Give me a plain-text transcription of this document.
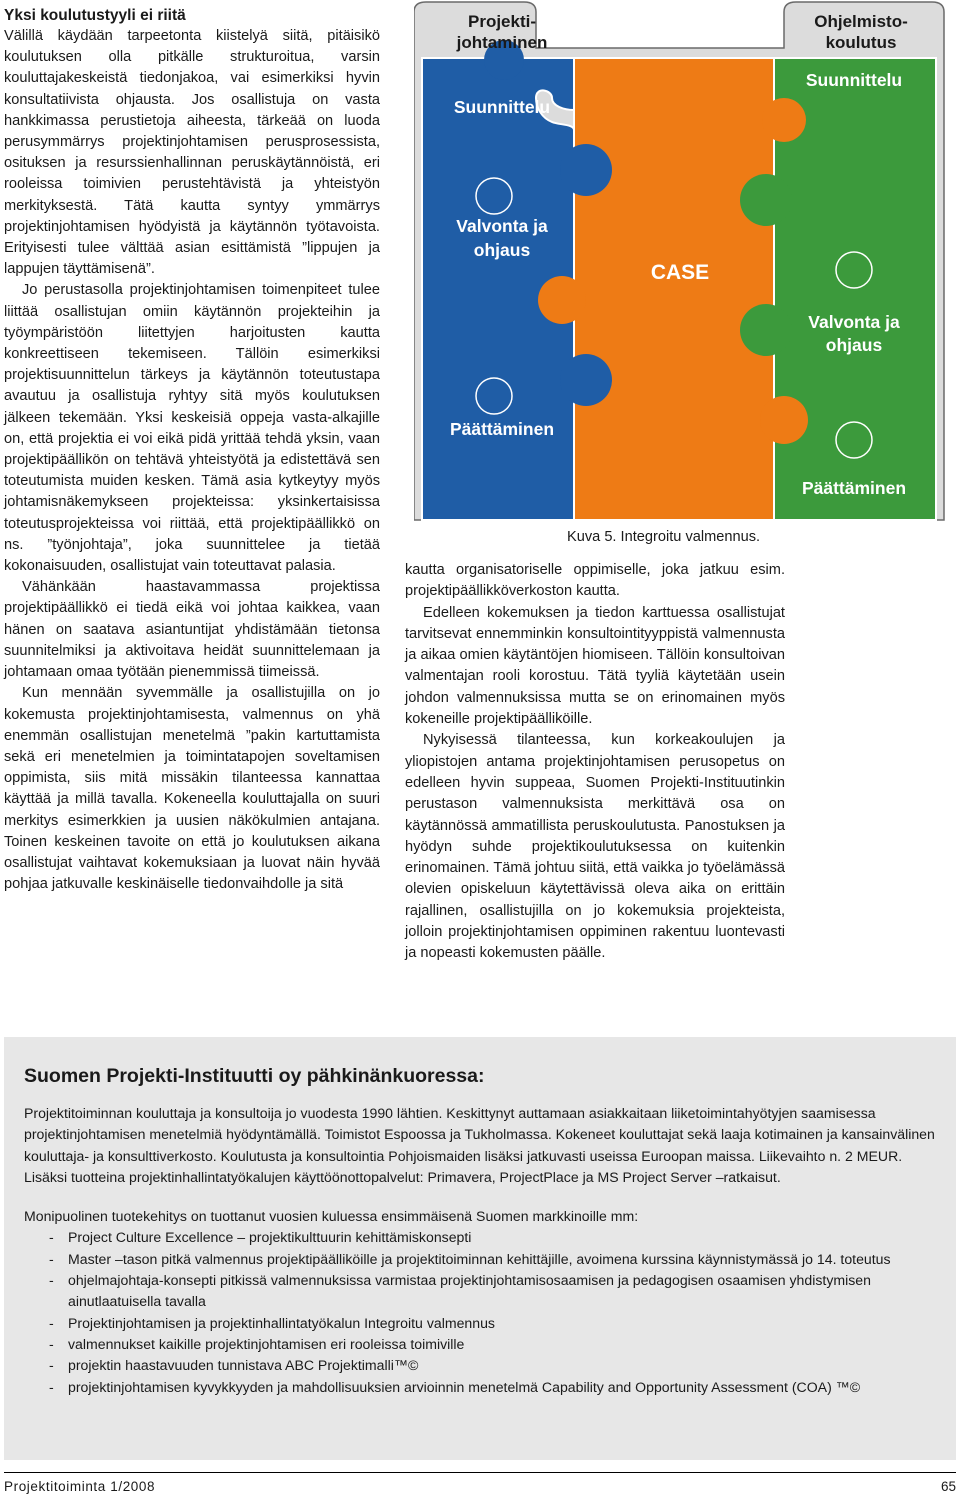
Yksi koulutustyyli ei riitä

Välillä käydään tarpeetonta kiistelyä siitä, pitäisikö koulutuksen olla pitkälle strukturoitua, varsin kouluttajakeskeistä tiedonjakoa, vai esimerkiksi hyvin konsultatiivista ohjausta. Jos osallistuja on vasta hankkimassa perustietoja aiheesta, tärkeää on luoda perusymmärrys projektinjohtamisen perusprosessista, osituksen ja resurssienhallinnan peruskäytännöistä, eri rooleissa toimivien perustehtävistä ja yhteistyön merkityksestä. Tätä kautta syntyy ymmärrys projektinjohtamisen hyödyistä ja käytännön työtavoista. Erityisesti tulee välttää asian esittämistä ”lippujen ja lappujen täyttämisenä”.

Jo perustasolla projektinjohtamisen toimenpiteet tulee liittää osallistujan omiin käytännön projekteihin ja työympäristöön liitettyjen harjoitusten kautta konkreettiseen tekemiseen. Tällöin esimerkiksi projektisuunnittelun tärkeys ja käytännön toteutustapa avautuu ja osallistuja ryhtyy sitä myös koulutuksen jälkeen tekemään. Yksi keskeisiä oppeja vasta-alkajille on, että projektia ei voi eikä pidä yrittää tehdä yksin, vaan projektipäällikön on tehtävä yhteistyötä ja edistettävä sen toteutumista muiden kesken. Tämä asia kytkeytyy myös johtamisnäkemykseen projekteissa: yksinkertaisissa toteutusprojekteissa voi riittää, että projektipäällikkö on ns. ”työnjohtaja”, joka suunnittelee ja tietää kokonaisuuden, osallistujat vain toteuttavat palasia.

Vähänkään haastavammassa projektissa projektipäällikkö ei tiedä eikä voi johtaa kaikkea, vaan hänen on saatava asiantuntijat yhdistämään tietonsa suunnitelmiksi ja aktivoitava heidät suunnittelemaan ja johtamaan omaa työtään pienemmissä tiimeissä.

Kun mennään syvemmälle ja osallistujilla on jo kokemusta projektinjohtamisesta, valmennus on yhä enemmän osallistujan menetelmä ”pakin kartuttamista sekä eri menetelmien ja toimintatapojen soveltamisen oppimista, siis mitä missäkin tilanteessa kannattaa käyttää ja millä tavalla. Kokeneella kouluttajalla on suuri merkitys esimerkkien ja uusien näkökulmien antajana. Toinen keskeinen tavoite on että jo koulutuksen aikana osallistujat vaihtavat kokemuksiaan ja luovat näin hyvää pohjaa jatkuvalle keskinäiselle tiedonvaihdolle ja sitä

Projekti-
johtaminen
Ohjelmisto-
koulutus
Suunnittelu
Valvonta ja
ohjaus
Päättäminen
CASE
Suunnittelu
Valvonta ja
ohjaus
Päättäminen
Kuva 5. Integroitu valmennus.

kautta organisatoriselle oppimiselle, joka jatkuu esim. projektipäällikköverkoston kautta.

Edelleen kokemuksen ja tiedon karttuessa osallistujat tarvitsevat ennemminkin konsultointityyppistä valmennusta ja aikaa omien käytäntöjen hiomiseen. Tällöin konsultoivan valmentajan rooli korostuu. Tätä tyyliä käytetään usein johdon valmennuksissa mutta se on erinomainen myös kokeneille projektipäälliköille.

Nykyisessä tilanteessa, kun korkeakoulujen ja yliopistojen antama projektinjohtamisen perusopetus on edelleen hyvin suppeaa, Suomen Projekti-Instituutinkin perustason valmennuksista merkittävä osa on käytännössä ammatillista peruskoulutusta. Panostuksen ja hyödyn suhde projektikoulutuksessa on kuitenkin erinomainen. Tämä johtuu siitä, että vaikka jo työelämässä olevien opiskeluun käytettävissä oleva aika on erittäin rajallinen, osallistujilla on jo kokemuksia projekteista, jolloin projektinjohtamisen oppiminen rakentuu luontevasti ja nopeasti kokemusten päälle.

Suomen Projekti-Instituutti oy pähkinänkuoressa:

Projektitoiminnan kouluttaja ja konsultoija jo vuodesta 1990 lähtien. Keskittynyt auttamaan asiakkaitaan liiketoimintahyötyjen saamisessa projektinjohtamisen menetelmiä hyödyntämällä. Toimistot Espoossa ja Tukholmassa. Kokeneet kouluttajat sekä laaja kotimainen ja kansainvälinen kouluttaja- ja konsulttiverkosto. Koulutusta ja konsultointia Pohjoismaiden lisäksi jatkuvasti useissa Euroopan maissa. Liikevaihto n. 2 MEUR. Lisäksi tuotteina projektinhallintatyökalujen käyttöönottopalvelut: Primavera, ProjectPlace ja MS Project Server –ratkaisut.

Monipuolinen tuotekehitys on tuottanut vuosien kuluessa ensimmäisenä Suomen markkinoille mm:

- Project Culture Excellence – projektikulttuurin kehittämiskonsepti
- Master –tason pitkä valmennus projektipäälliköille ja projektitoiminnan kehittäjille, avoimena kurssina käynnistymässä jo 14. toteutus
- ohjelmajohtaja-konsepti pitkissä valmennuksissa varmistaa projektinjohtamisosaamisen ja pedagogisen osaamisen yhdistymisen ainutlaatuisella tavalla
- Projektinjohtamisen ja projektinhallintatyökalun Integroitu valmennus
- valmennukset kaikille projektinjohtamisen eri rooleissa toimiville
- projektin haastavuuden tunnistava ABC Projektimalli™©
- projektinjohtamisen kyvykkyyden ja mahdollisuuksien arvioinnin menetelmä Capability and Opportunity Assessment (COA) ™©
Projektitoiminta 1/2008	65
